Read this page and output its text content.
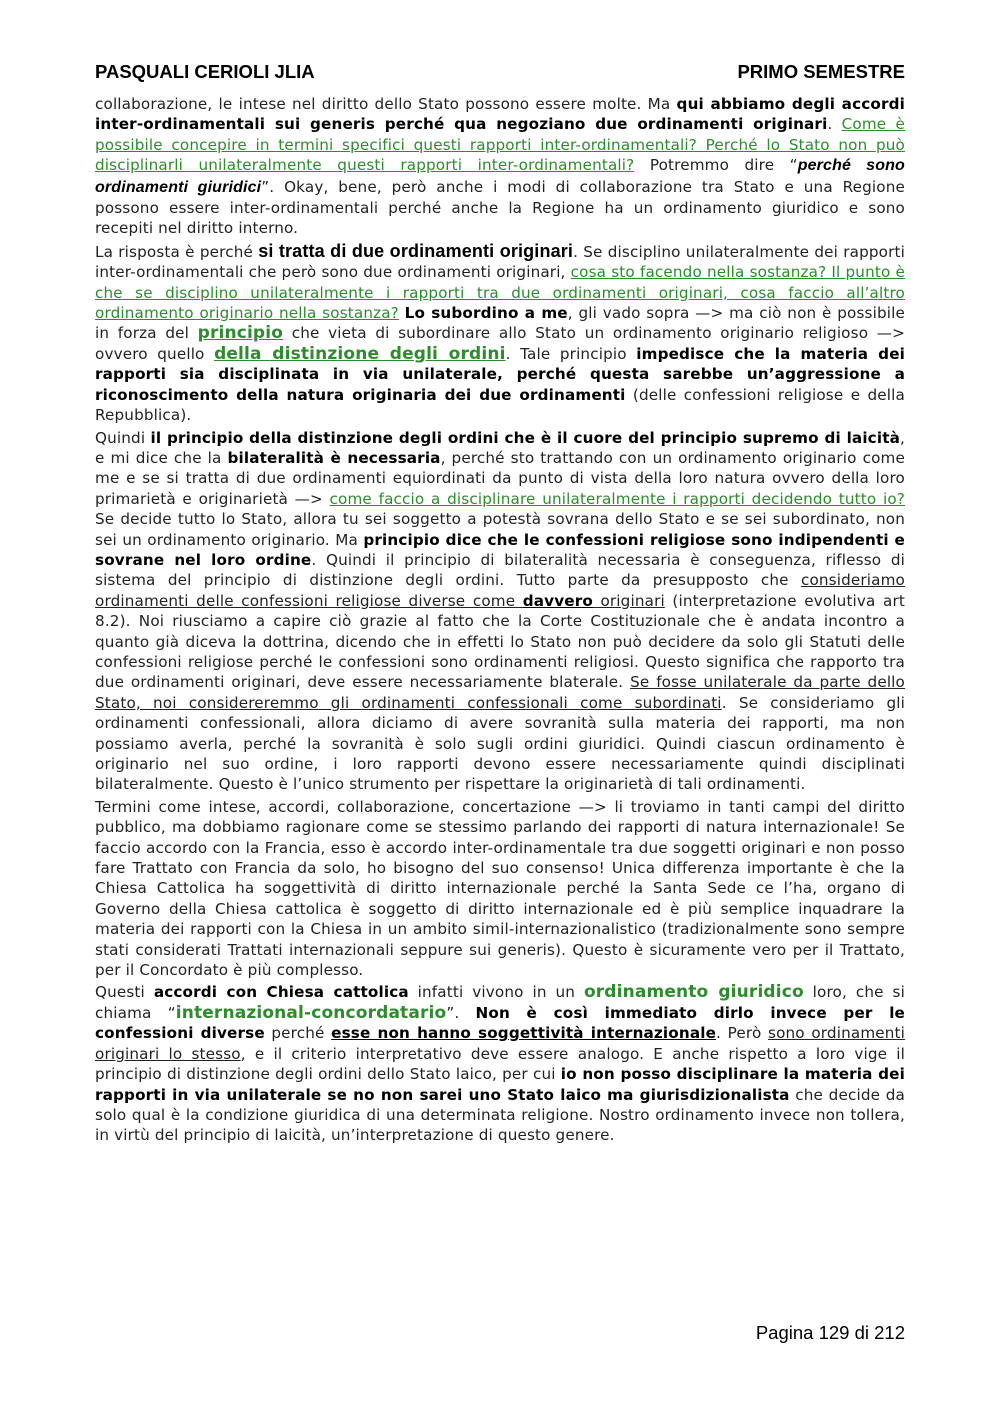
PASQUALI CERIOLI JLIA	PRIMO SEMESTRE

collaborazione, le intese nel diritto dello Stato possono essere molte. Ma qui abbiamo degli accordi inter-ordinamentali sui generis perché qua negoziano due ordinamenti originari. Come è possibile concepire in termini specifici questi rapporti inter-ordinamentali? Perché lo Stato non può disciplinarli unilateralmente questi rapporti inter-ordinamentali? Potremmo dire “perché sono ordinamenti giuridici”. Okay, bene, però anche i modi di collaborazione tra Stato e una Regione possono essere inter-ordinamentali perché anche la Regione ha un ordinamento giuridico e sono recepiti nel diritto interno.

La risposta è perché si tratta di due ordinamenti originari. Se disciplino unilateralmente dei rapporti inter-ordinamentali che però sono due ordinamenti originari, cosa sto facendo nella sostanza? Il punto è che se disciplino unilateralmente i rapporti tra due ordinamenti originari, cosa faccio all’altro ordinamento originario nella sostanza? Lo subordino a me, gli vado sopra —> ma ciò non è possibile in forza del principio che vieta di subordinare allo Stato un ordinamento originario religioso —> ovvero quello della distinzione degli ordini. Tale principio impedisce che la materia dei rapporti sia disciplinata in via unilaterale, perché questa sarebbe un’aggressione a riconoscimento della natura originaria dei due ordinamenti (delle confessioni religiose e della Repubblica).

Quindi il principio della distinzione degli ordini che è il cuore del principio supremo di laicità, e mi dice che la bilateralità è necessaria, perché sto trattando con un ordinamento originario come me e se si tratta di due ordinamenti equiordinati da punto di vista della loro natura ovvero della loro primarietà e originarietà —> come faccio a disciplinare unilateralmente i rapporti decidendo tutto io? Se decide tutto lo Stato, allora tu sei soggetto a potestà sovrana dello Stato e se sei subordinato, non sei un ordinamento originario. Ma principio dice che le confessioni religiose sono indipendenti e sovrane nel loro ordine. Quindi il principio di bilateralità necessaria è conseguenza, riflesso di sistema del principio di distinzione degli ordini. Tutto parte da presupposto che consideriamo ordinamenti delle confessioni religiose diverse come davvero originari (interpretazione evolutiva art 8.2). Noi riusciamo a capire ciò grazie al fatto che la Corte Costituzionale che è andata incontro a quanto già diceva la dottrina, dicendo che in effetti lo Stato non può decidere da solo gli Statuti delle confessioni religiose perché le confessioni sono ordinamenti religiosi. Questo significa che rapporto tra due ordinamenti originari, deve essere necessariamente blaterale. Se fosse unilaterale da parte dello Stato, noi considereremmo gli ordinamenti confessionali come subordinati. Se consideriamo gli ordinamenti confessionali, allora diciamo di avere sovranità sulla materia dei rapporti, ma non possiamo averla, perché la sovranità è solo sugli ordini giuridici. Quindi ciascun ordinamento è originario nel suo ordine, i loro rapporti devono essere necessariamente quindi disciplinati bilateralmente. Questo è l’unico strumento per rispettare la originarietà di tali ordinamenti.

Termini come intese, accordi, collaborazione, concertazione —> li troviamo in tanti campi del diritto pubblico, ma dobbiamo ragionare come se stessimo parlando dei rapporti di natura internazionale! Se faccio accordo con la Francia, esso è accordo inter-ordinamentale tra due soggetti originari e non posso fare Trattato con Francia da solo, ho bisogno del suo consenso! Unica differenza importante è che la Chiesa Cattolica ha soggettività di diritto internazionale perché la Santa Sede ce l’ha, organo di Governo della Chiesa cattolica è soggetto di diritto internazionale ed è più semplice inquadrare la materia dei rapporti con la Chiesa in un ambito simil-internazionalistico (tradizionalmente sono sempre stati considerati Trattati internazionali seppure sui generis). Questo è sicuramente vero per il Trattato, per il Concordato è più complesso.

Questi accordi con Chiesa cattolica infatti vivono in un ordinamento giuridico loro, che si chiama “internazional-concordatario”. Non è così immediato dirlo invece per le confessioni diverse perché esse non hanno soggettività internazionale. Però sono ordinamenti originari lo stesso, e il criterio interpretativo deve essere analogo. E anche rispetto a loro vige il principio di distinzione degli ordini dello Stato laico, per cui io non posso disciplinare la materia dei rapporti in via unilaterale se no non sarei uno Stato laico ma giurisdizionalista che decide da solo qual è la condizione giuridica di una determinata religione. Nostro ordinamento invece non tollera, in virtù del principio di laicità, un’interpretazione di questo genere.

Pagina 129 di 212
